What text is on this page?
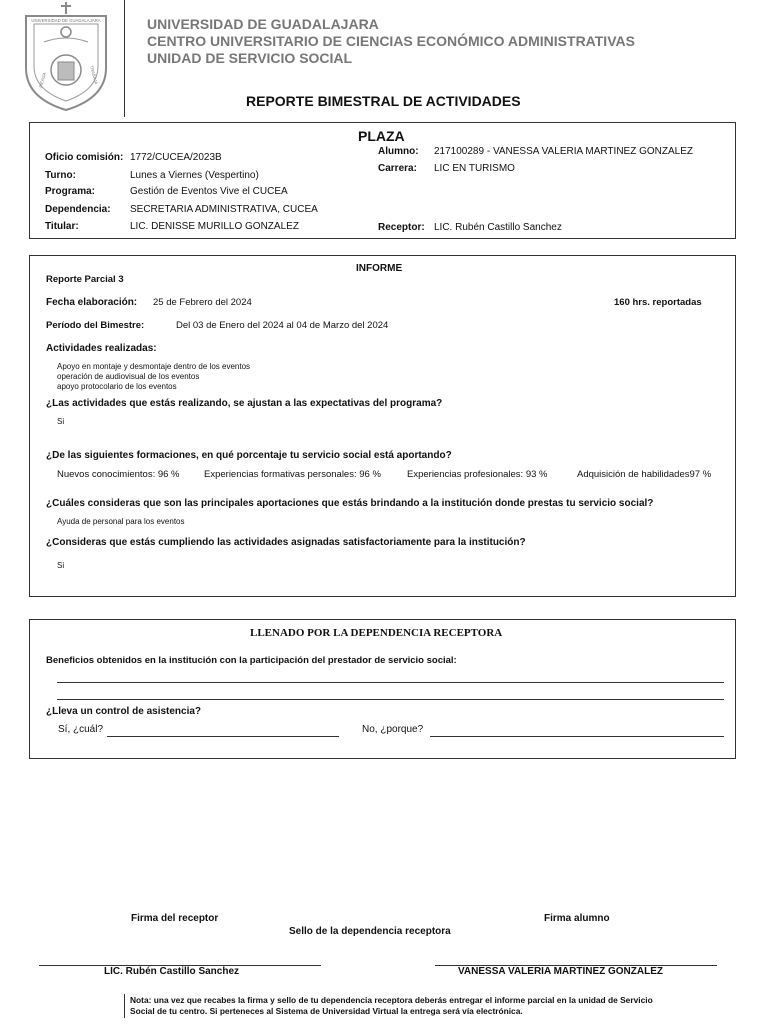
UNIVERSIDAD DE GUADALAJARA
PIENSA	TRABAJA
UNIVERSIDAD DE GUADALAJARA
CENTRO UNIVERSITARIO DE CIENCIAS ECONÓMICO ADMINISTRATIVAS
UNIDAD DE SERVICIO SOCIAL
REPORTE BIMESTRAL DE ACTIVIDADES
PLAZA
Oficio comisión: 1772/CUCEA/2023B
Turno:	Lunes a Viernes (Vespertino)
Programa:	Gestión de Eventos Vive el CUCEA
Dependencia: SECRETARIA ADMINISTRATIVA, CUCEA
Titular:	LIC. DENISSE MURILLO GONZALEZ
Alumno: 217100289 - VANESSA VALERIA MARTINEZ GONZALEZ
Carrera: LIC EN TURISMO
Receptor: LIC. Rubén Castillo Sanchez
INFORME
Reporte Parcial 3
Fecha elaboración: 25 de Febrero del 2024	160 hrs. reportadas
Período del Bimestre:	Del 03 de Enero del 2024 al 04 de Marzo del 2024
Actividades realizadas:
Apoyo en montaje y desmontaje dentro de los eventos
operación de audiovisual de los eventos
apoyo protocolario de los eventos
¿Las actividades que estás realizando, se ajustan a las expectativas del programa?
Si
¿De las siguientes formaciones, en qué porcentaje tu servicio social está aportando?
Nuevos conocimientos: 96 %	Experiencias formativas personales: 96 %	Experiencias profesionales: 93 %	Adquisición de habilidades97 %
¿Cuáles consideras que son las principales aportaciones que estás brindando a la institución donde prestas tu servicio social?
Ayuda de personal para los eventos
¿Consideras que estás cumpliendo las actividades asignadas satisfactoriamente para la institución?
Si
LLENADO POR LA DEPENDENCIA RECEPTORA
Beneficios obtenidos en la institución con la participación del prestador de servicio social:
¿Lleva un control de asistencia?
Sí, ¿cuál?	No, ¿porque?
Firma del receptor
Sello de la dependencia receptora
Firma alumno
LIC. Rubén Castillo Sanchez	VANESSA VALERIA MARTINEZ GONZALEZ
Nota: una vez que recabes la firma y sello de tu dependencia receptora deberás entregar el informe parcial en la unidad de Servicio
Social de tu centro. Si perteneces al Sistema de Universidad Virtual la entrega será vía electrónica.
